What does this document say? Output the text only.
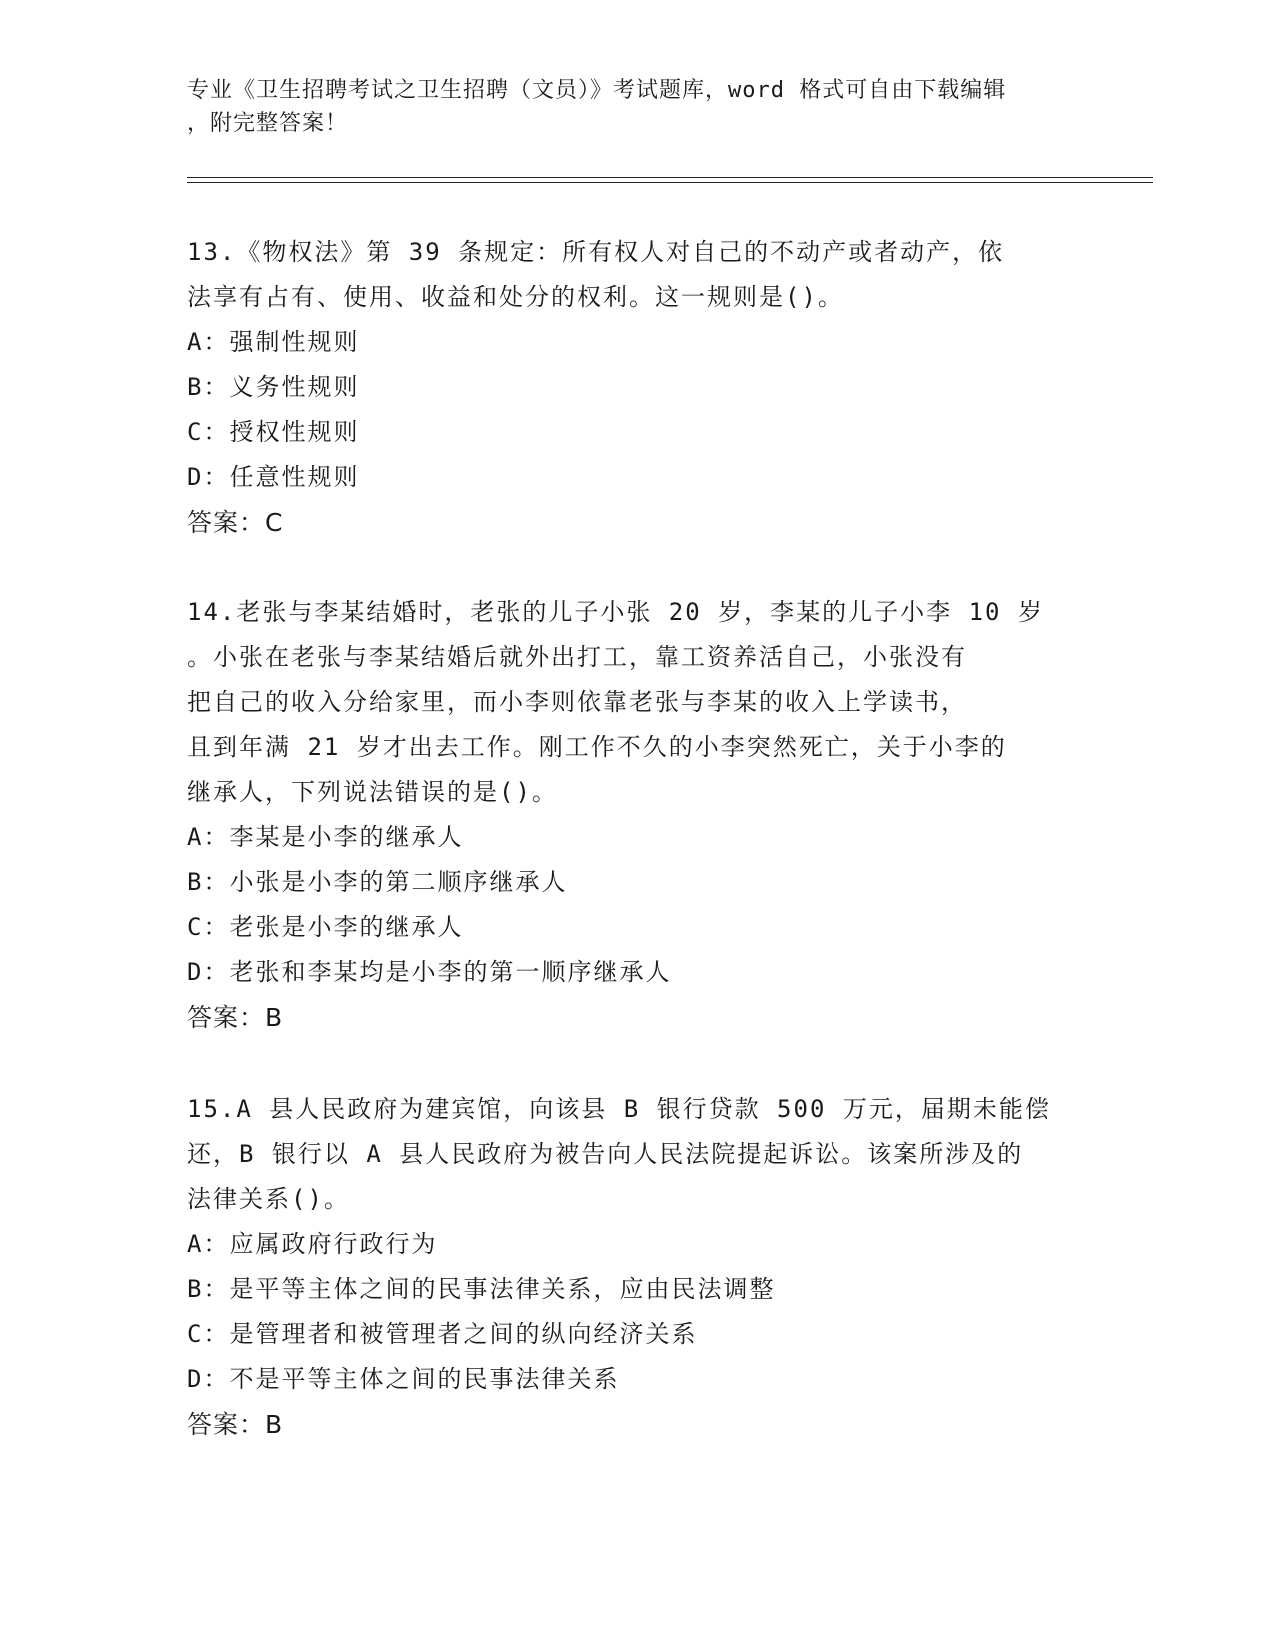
专业《卫生招聘考试之卫生招聘（文员）》考试题库，word 格式可自由下载编辑
，附完整答案！
13.《物权法》第 39 条规定：所有权人对自己的不动产或者动产，依
法享有占有、使用、收益和处分的权利。这一规则是()。
A：强制性规则
B：义务性规则
C：授权性规则
D：任意性规则
答案：C
14.老张与李某结婚时，老张的儿子小张 20 岁，李某的儿子小李 10 岁
。小张在老张与李某结婚后就外出打工，靠工资养活自己，小张没有
把自己的收入分给家里，而小李则依靠老张与李某的收入上学读书，
且到年满 21 岁才出去工作。刚工作不久的小李突然死亡，关于小李的
继承人，下列说法错误的是()。
A：李某是小李的继承人
B：小张是小李的第二顺序继承人
C：老张是小李的继承人
D：老张和李某均是小李的第一顺序继承人
答案：B
15.A 县人民政府为建宾馆，向该县 B 银行贷款 500 万元，届期未能偿
还，B 银行以 A 县人民政府为被告向人民法院提起诉讼。该案所涉及的
法律关系()。
A：应属政府行政行为
B：是平等主体之间的民事法律关系，应由民法调整
C：是管理者和被管理者之间的纵向经济关系
D：不是平等主体之间的民事法律关系
答案：B
